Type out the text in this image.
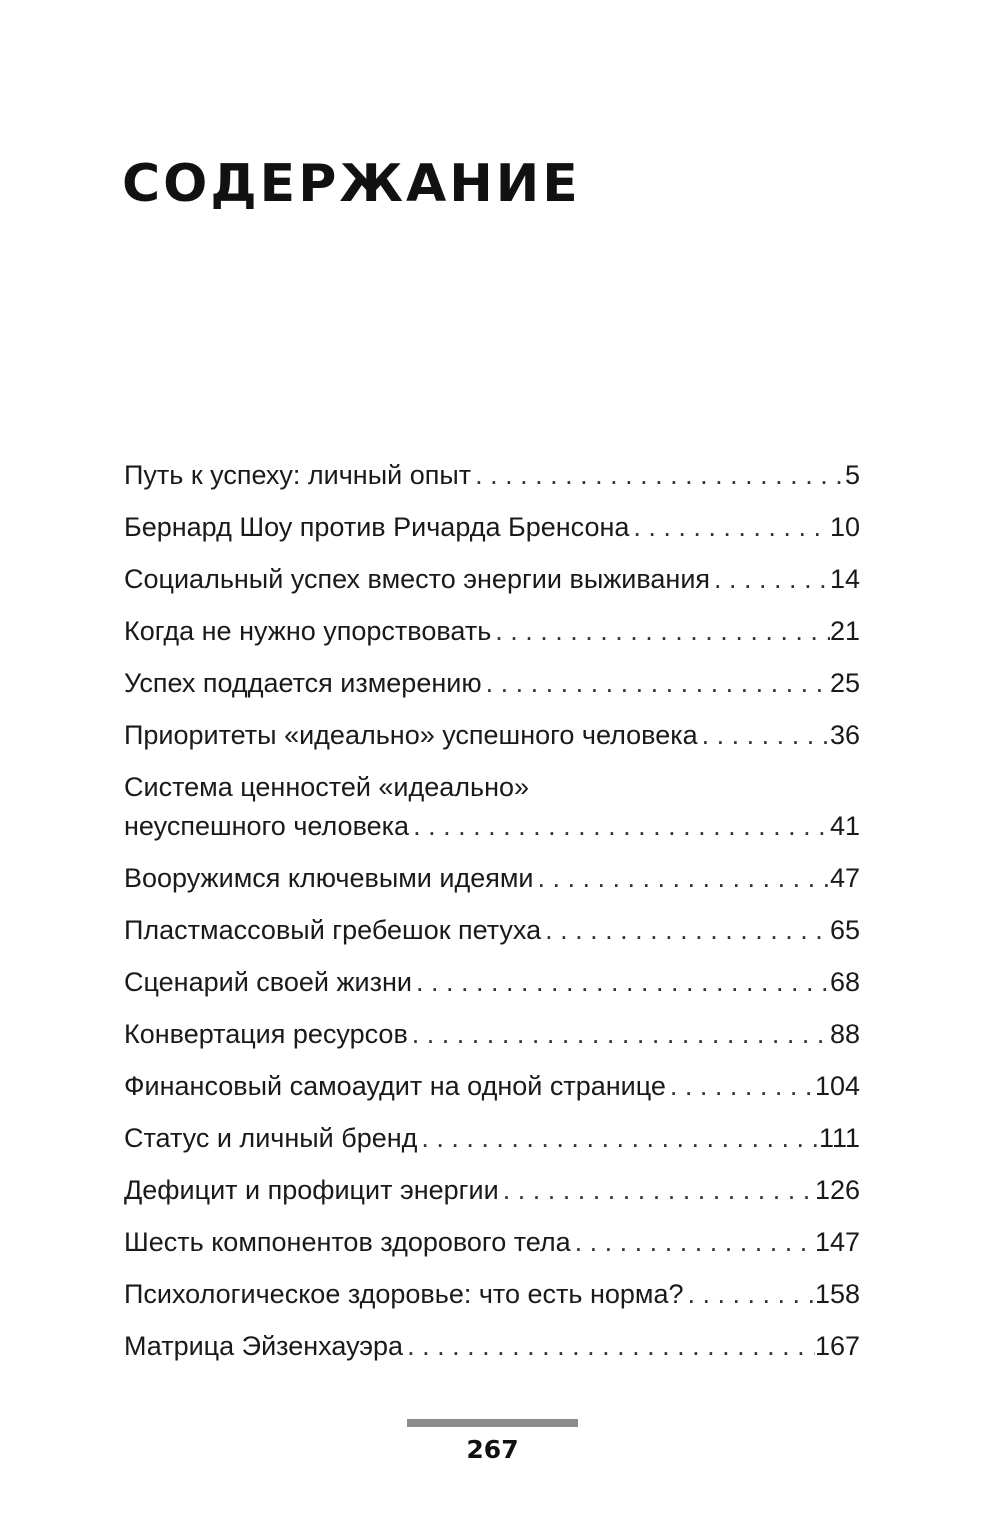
СОДЕРЖАНИЕ
Путь к успеху: личный опыт . . .	5
Бернард Шоу против Ричарда Бренсона . . .	10
Социальный успех вместо энергии выживания . . .	14
Когда не нужно упорствовать . . .	21
Успех поддается измерению . . .	25
Приоритеты «идеально» успешного человека . . .	36
Система ценностей «идеально»
неуспешного человека . . .	41
Вооружимся ключевыми идеями . . .	47
Пластмассовый гребешок петуха . . .	65
Сценарий своей жизни . . .	68
Конвертация ресурсов . . .	88
Финансовый самоаудит на одной странице . . .	104
Статус и личный бренд . . .	111
Дефицит и профицит энергии . . .	126
Шесть компонентов здорового тела . . .	147
Психологическое здоровье: что есть норма? . . .	158
Матрица Эйзенхауэра . . .	167
267
